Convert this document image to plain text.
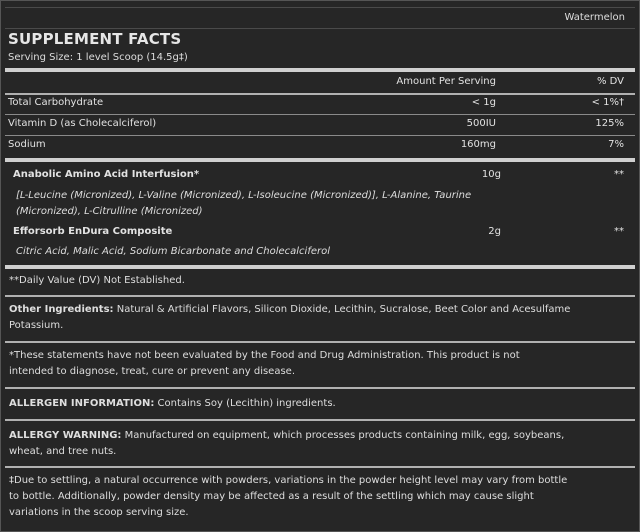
Watermelon
SUPPLEMENT FACTS
Serving Size: 1 level Scoop (14.5g‡)
Amount Per Serving	% DV
Total Carbohydrate	< 1g	< 1%†
Vitamin D (as Cholecalciferol)	500IU	125%
Sodium	160mg	7%
Anabolic Amino Acid Interfusion*	10g	**
[L-Leucine (Micronized), L-Valine (Micronized), L-Isoleucine (Micronized)], L-Alanine, Taurine
(Micronized), L-Citrulline (Micronized)
Efforsorb EnDura Composite	2g	**
Citric Acid, Malic Acid, Sodium Bicarbonate and Cholecalciferol
**Daily Value (DV) Not Established.
Other Ingredients: Natural & Artificial Flavors, Silicon Dioxide, Lecithin, Sucralose, Beet Color and Acesulfame
Potassium.
*These statements have not been evaluated by the Food and Drug Administration. This product is not
intended to diagnose, treat, cure or prevent any disease.
ALLERGEN INFORMATION: Contains Soy (Lecithin) ingredients.
ALLERGY WARNING: Manufactured on equipment, which processes products containing milk, egg, soybeans,
wheat, and tree nuts.
‡Due to settling, a natural occurrence with powders, variations in the powder height level may vary from bottle
to bottle. Additionally, powder density may be affected as a result of the settling which may cause slight
variations in the scoop serving size.
